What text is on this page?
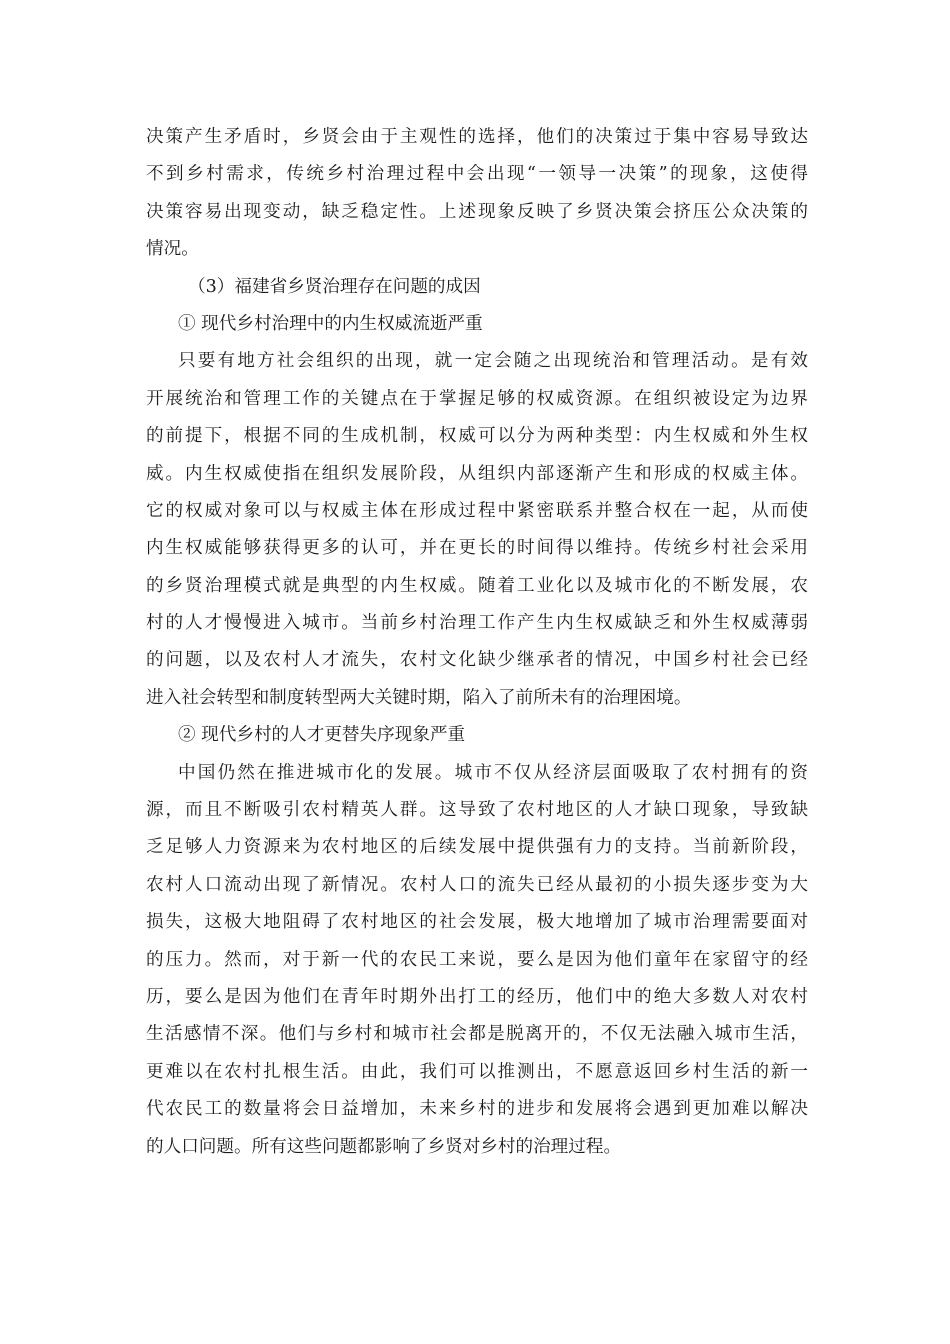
决策产生矛盾时，乡贤会由于主观性的选择，他们的决策过于集中容易导致达
不到乡村需求，传统乡村治理过程中会出现“一领导一决策”的现象，这使得
决策容易出现变动，缺乏稳定性。上述现象反映了乡贤决策会挤压公众决策的
情况。
（3）福建省乡贤治理存在问题的成因
① 现代乡村治理中的内生权威流逝严重
只要有地方社会组织的出现，就一定会随之出现统治和管理活动。是有效
开展统治和管理工作的关键点在于掌握足够的权威资源。在组织被设定为边界
的前提下，根据不同的生成机制，权威可以分为两种类型：内生权威和外生权
威。内生权威使指在组织发展阶段，从组织内部逐渐产生和形成的权威主体。
它的权威对象可以与权威主体在形成过程中紧密联系并整合权在一起，从而使
内生权威能够获得更多的认可，并在更长的时间得以维持。传统乡村社会采用
的乡贤治理模式就是典型的内生权威。随着工业化以及城市化的不断发展，农
村的人才慢慢进入城市。当前乡村治理工作产生内生权威缺乏和外生权威薄弱
的问题，以及农村人才流失，农村文化缺少继承者的情况，中国乡村社会已经
进入社会转型和制度转型两大关键时期，陷入了前所未有的治理困境。
② 现代乡村的人才更替失序现象严重
中国仍然在推进城市化的发展。城市不仅从经济层面吸取了农村拥有的资
源，而且不断吸引农村精英人群。这导致了农村地区的人才缺口现象，导致缺
乏足够人力资源来为农村地区的后续发展中提供强有力的支持。当前新阶段，
农村人口流动出现了新情况。农村人口的流失已经从最初的小损失逐步变为大
损失，这极大地阻碍了农村地区的社会发展，极大地增加了城市治理需要面对
的压力。然而，对于新一代的农民工来说，要么是因为他们童年在家留守的经
历，要么是因为他们在青年时期外出打工的经历，他们中的绝大多数人对农村
生活感情不深。他们与乡村和城市社会都是脱离开的，不仅无法融入城市生活，
更难以在农村扎根生活。由此，我们可以推测出，不愿意返回乡村生活的新一
代农民工的数量将会日益增加，未来乡村的进步和发展将会遇到更加难以解决
的人口问题。所有这些问题都影响了乡贤对乡村的治理过程。
